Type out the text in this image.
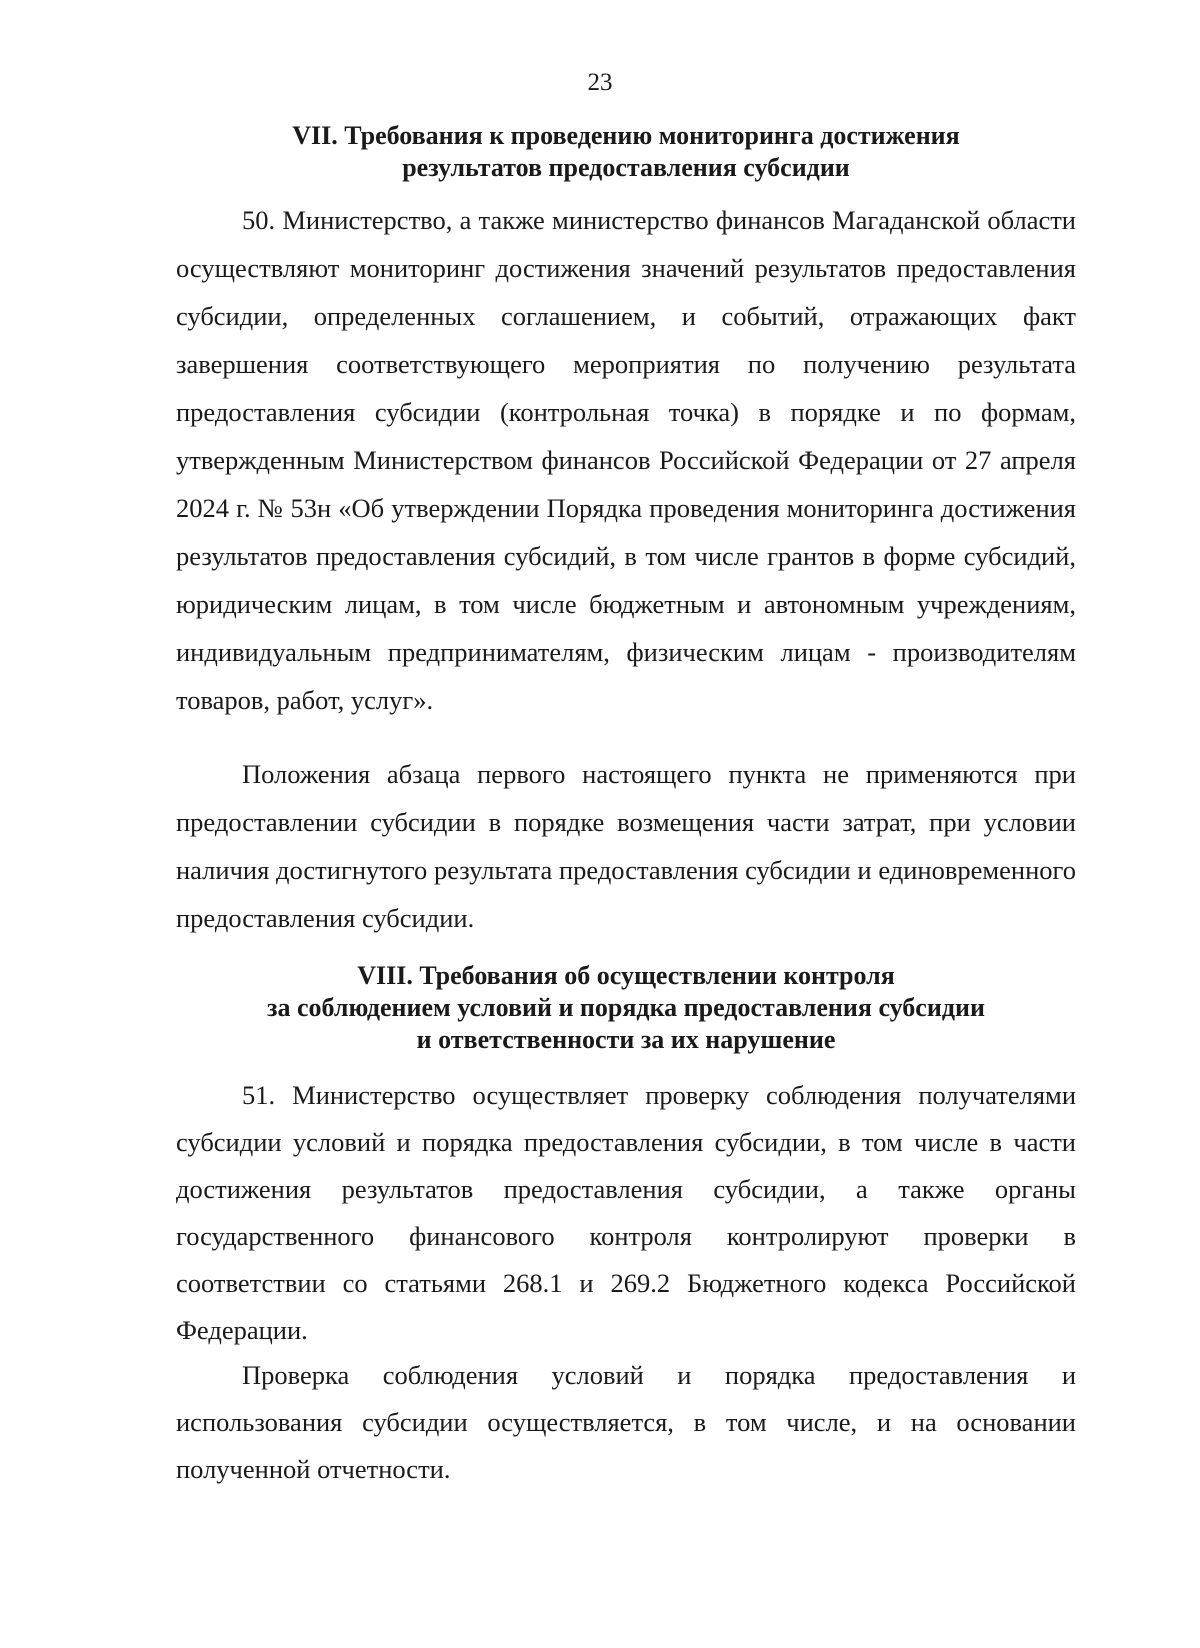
23
VII. Требования к проведению мониторинга достижения
результатов предоставления субсидии

50. Министерство, а также министерство финансов Магаданской области осуществляют мониторинг достижения значений результатов предоставления субсидии, определенных соглашением, и событий, отражающих факт завершения соответствующего мероприятия по получению результата предоставления субсидии (контрольная точка) в порядке и по формам, утвержденным Министерством финансов Российской Федерации от 27 апреля 2024 г. № 53н «Об утверждении Порядка проведения мониторинга достижения результатов предоставления субсидий, в том числе грантов в форме субсидий, юридическим лицам, в том числе бюджетным и автономным учреждениям, индивидуальным предпринимателям, физическим лицам - производителям товаров, работ, услуг».

Положения абзаца первого настоящего пункта не применяются при предоставлении субсидии в порядке возмещения части затрат, при условии наличия достигнутого результата предоставления субсидии и единовременного предоставления субсидии.

VIII. Требования об осуществлении контроля
за соблюдением условий и порядка предоставления субсидии
и ответственности за их нарушение

51. Министерство осуществляет проверку соблюдения получателями субсидии условий и порядка предоставления субсидии, в том числе в части достижения результатов предоставления субсидии, а также органы государственного финансового контроля контролируют проверки в соответствии со статьями 268.1 и 269.2 Бюджетного кодекса Российской Федерации.

Проверка соблюдения условий и порядка предоставления и использования субсидии осуществляется, в том числе, и на основании полученной отчетности.
